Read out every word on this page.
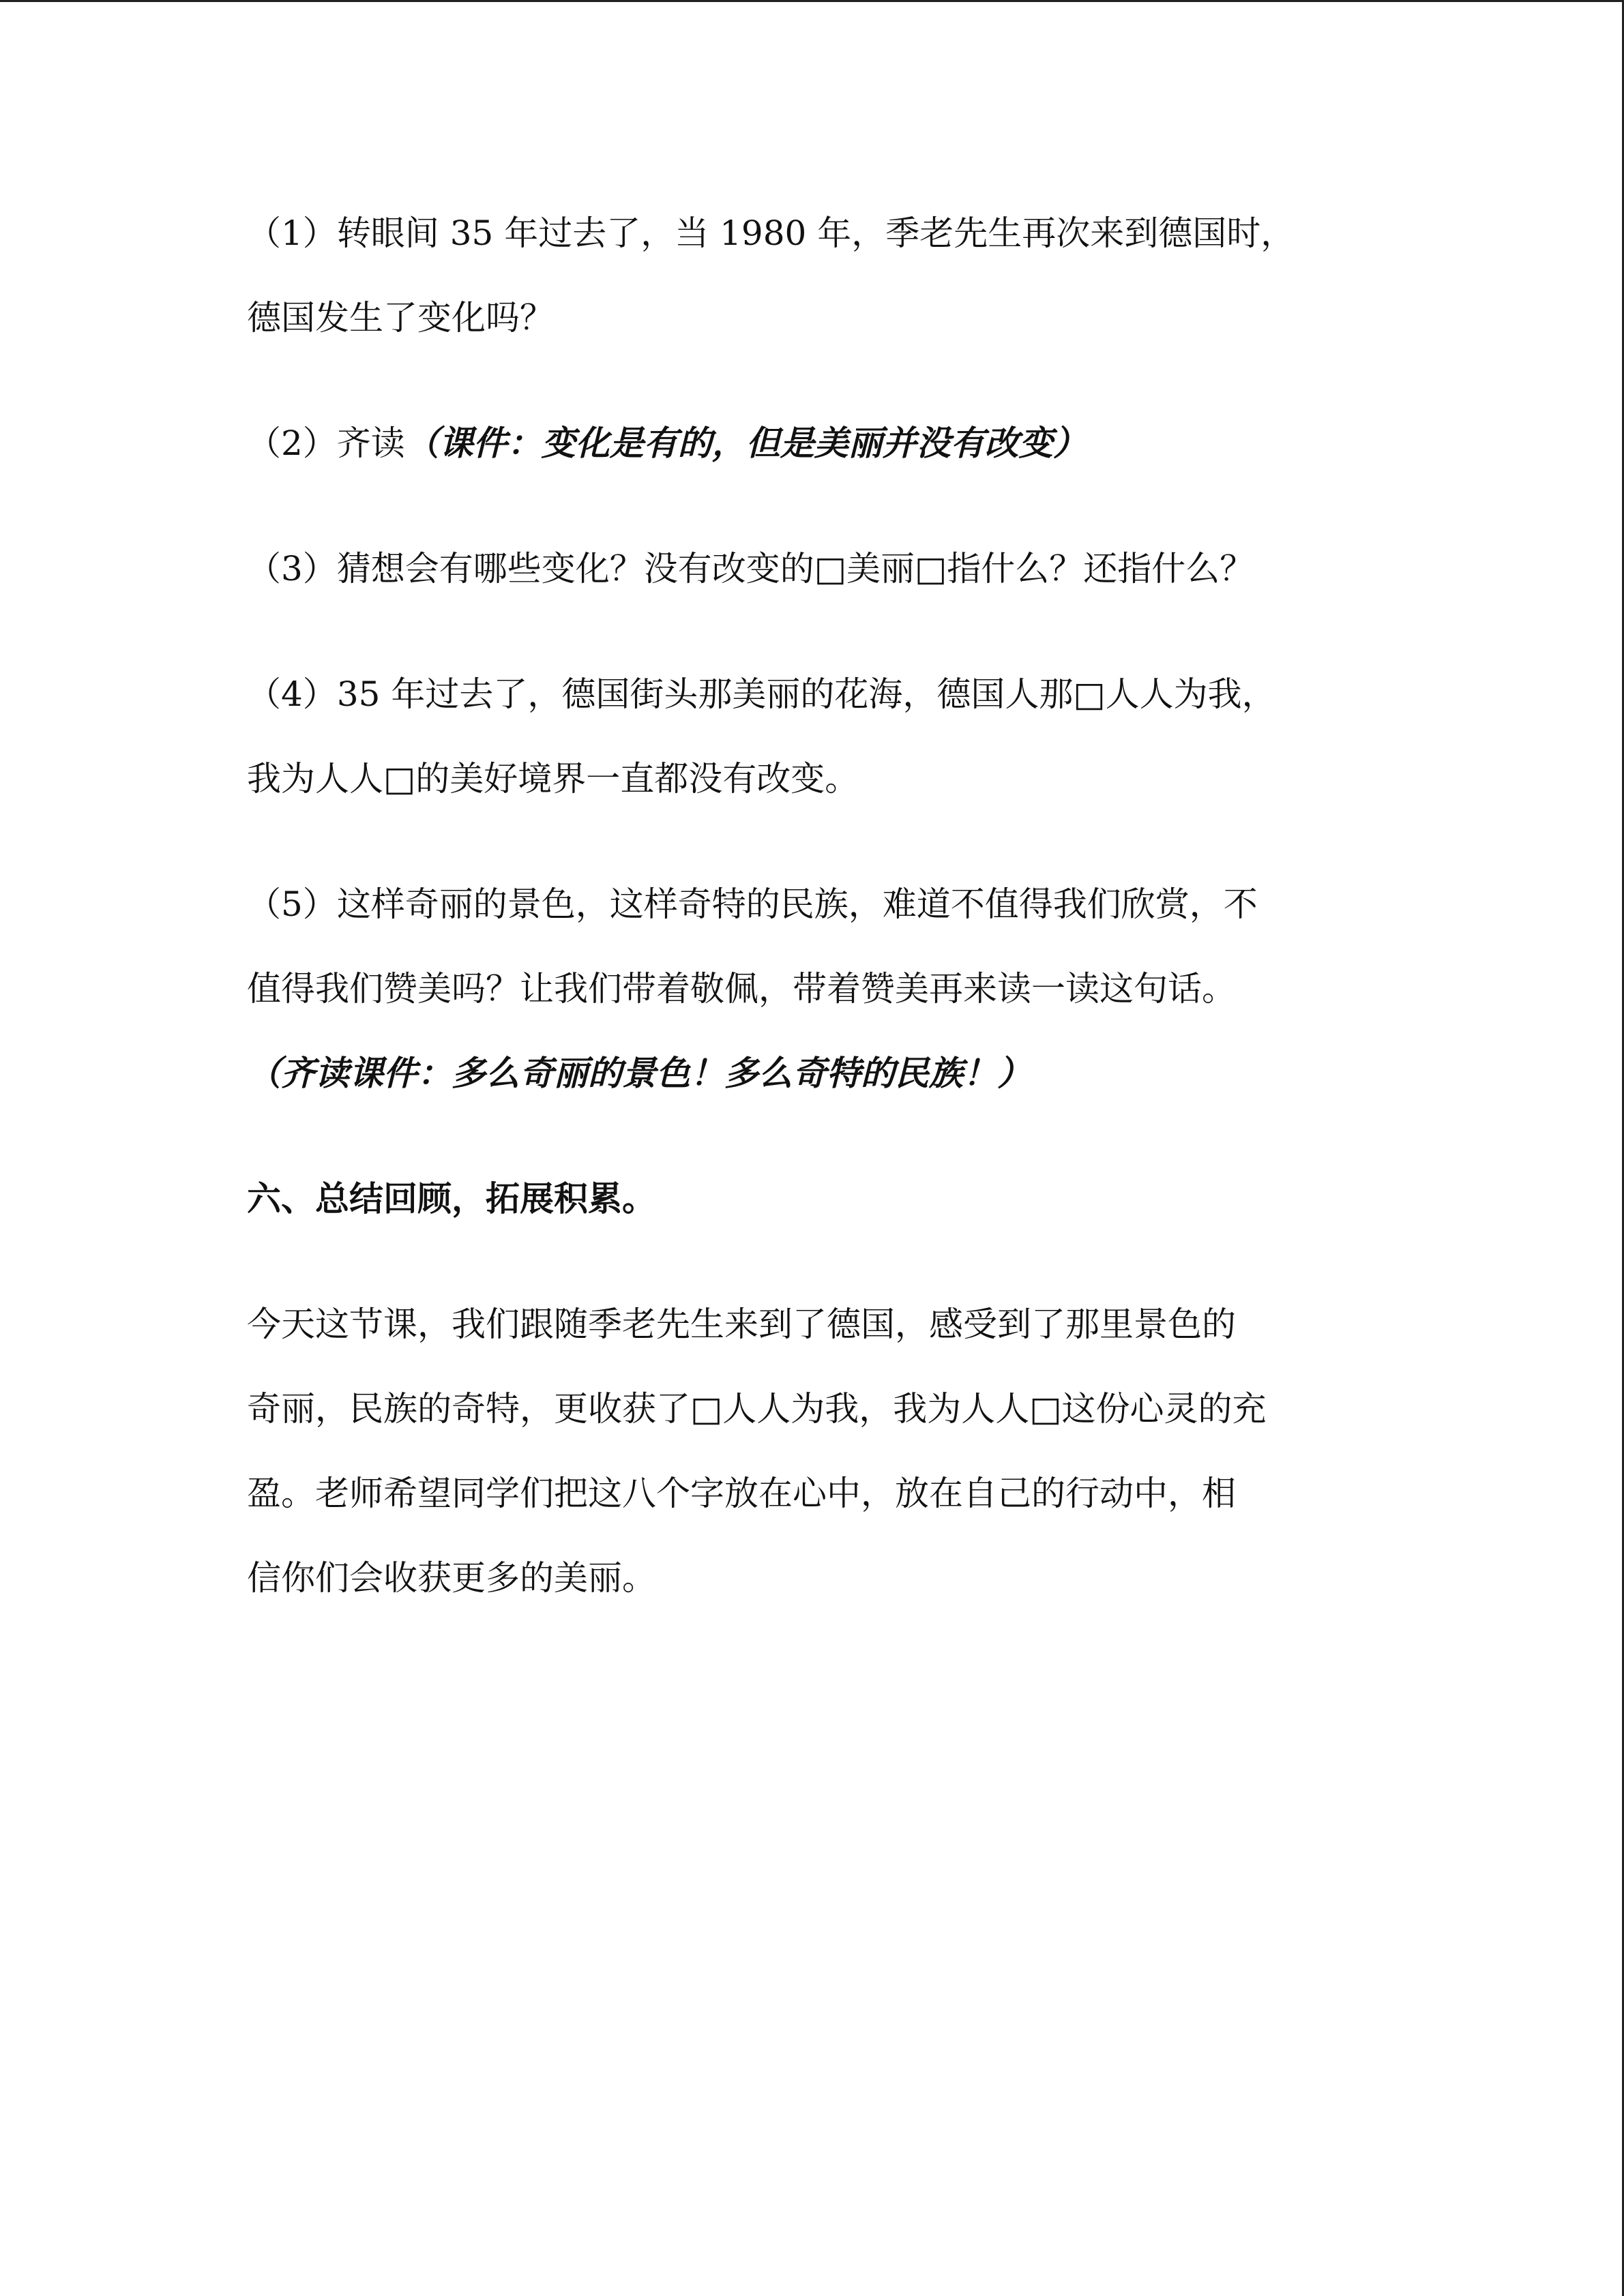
（1）转眼间 35 年过去了，当 1980 年，季老先生再次来到德国时，
德国发生了变化吗？

（2）齐读（课件：变化是有的，但是美丽并没有改变）

（3）猜想会有哪些变化？没有改变的□美丽□指什么？还指什么？

（4）35 年过去了，德国街头那美丽的花海，德国人那□人人为我，
我为人人□的美好境界一直都没有改变。

（5）这样奇丽的景色，这样奇特的民族，难道不值得我们欣赏，不
值得我们赞美吗？让我们带着敬佩，带着赞美再来读一读这句话。
（齐读课件：多么奇丽的景色！多么奇特的民族！）

六、总结回顾，拓展积累。

今天这节课，我们跟随季老先生来到了德国，感受到了那里景色的
奇丽，民族的奇特，更收获了□人人为我，我为人人□这份心灵的充
盈。老师希望同学们把这八个字放在心中，放在自己的行动中，相
信你们会收获更多的美丽。
